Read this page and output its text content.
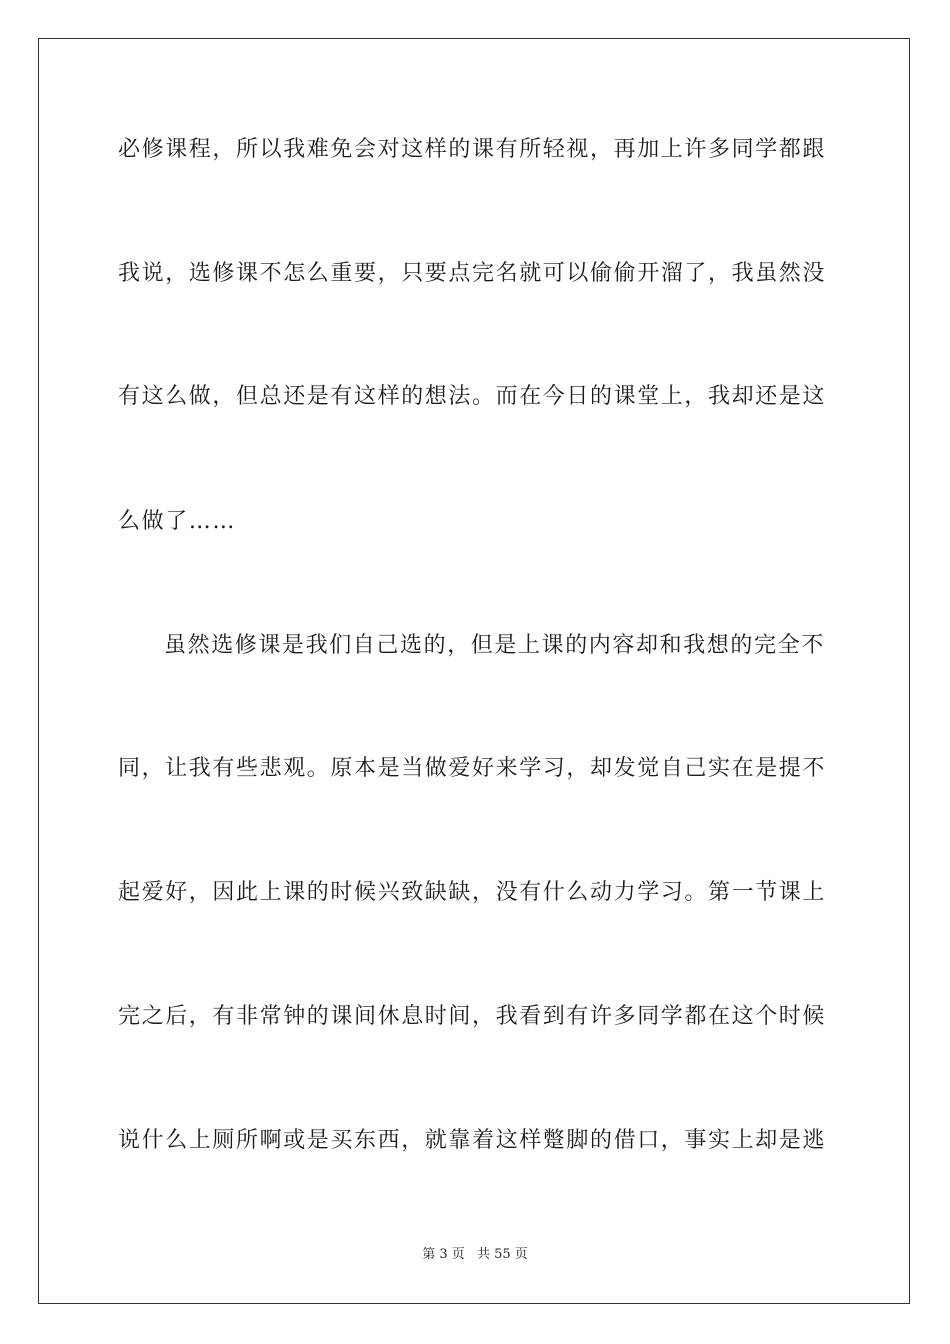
必修课程，所以我难免会对这样的课有所轻视，再加上许多同学都跟
我说，选修课不怎么重要，只要点完名就可以偷偷开溜了，我虽然没
有这么做，但总还是有这样的想法。而在今日的课堂上，我却还是这
么做了……
虽然选修课是我们自己选的，但是上课的内容却和我想的完全不
同，让我有些悲观。原本是当做爱好来学习，却发觉自己实在是提不
起爱好，因此上课的时候兴致缺缺，没有什么动力学习。第一节课上
完之后，有非常钟的课间休息时间，我看到有许多同学都在这个时候
说什么上厕所啊或是买东西，就靠着这样蹩脚的借口，事实上却是逃
第 3 页 共 55 页
